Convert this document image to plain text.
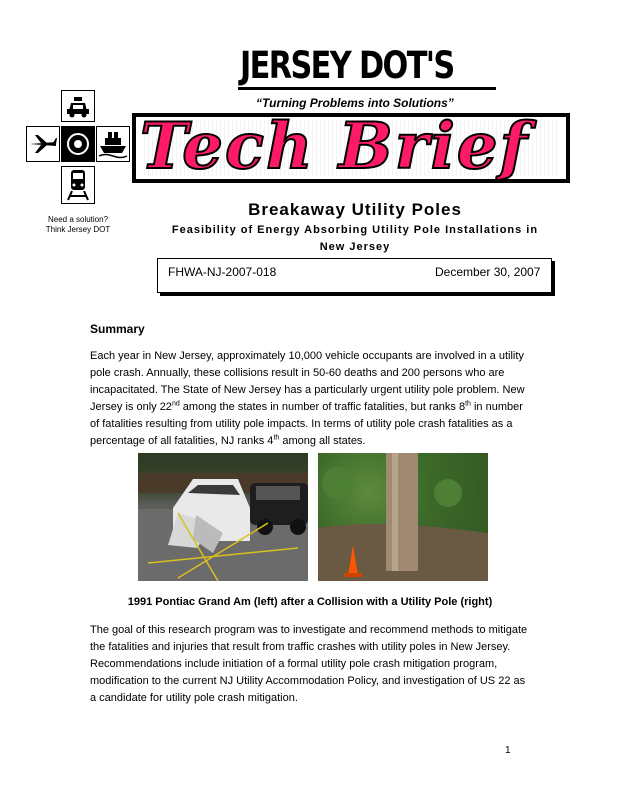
JERSEY DOT'S
“Turning Problems into Solutions”
Tech Brief
Need a solution?
Think Jersey DOT
Breakaway Utility Poles
Feasibility of Energy Absorbing Utility Pole Installations in
New Jersey
FHWA-NJ-2007-018	December 30, 2007
Summary
Each year in New Jersey, approximately 10,000 vehicle occupants are involved in a utility pole crash. Annually, these collisions result in 50-60 deaths and 200 persons who are incapacitated. The State of New Jersey has a particularly urgent utility pole problem. New Jersey is only 22nd among the states in number of traffic fatalities, but ranks 8th in number of fatalities resulting from utility pole impacts. In terms of utility pole crash fatalities as a percentage of all fatalities, NJ ranks 4th among all states.
1991 Pontiac Grand Am (left) after a Collision with a Utility Pole (right)
The goal of this research program was to investigate and recommend methods to mitigate the fatalities and injuries that result from traffic crashes with utility poles in New Jersey. Recommendations include initiation of a formal utility pole crash mitigation program, modification to the current NJ Utility Accommodation Policy, and investigation of US 22 as a candidate for utility pole crash mitigation.
1
